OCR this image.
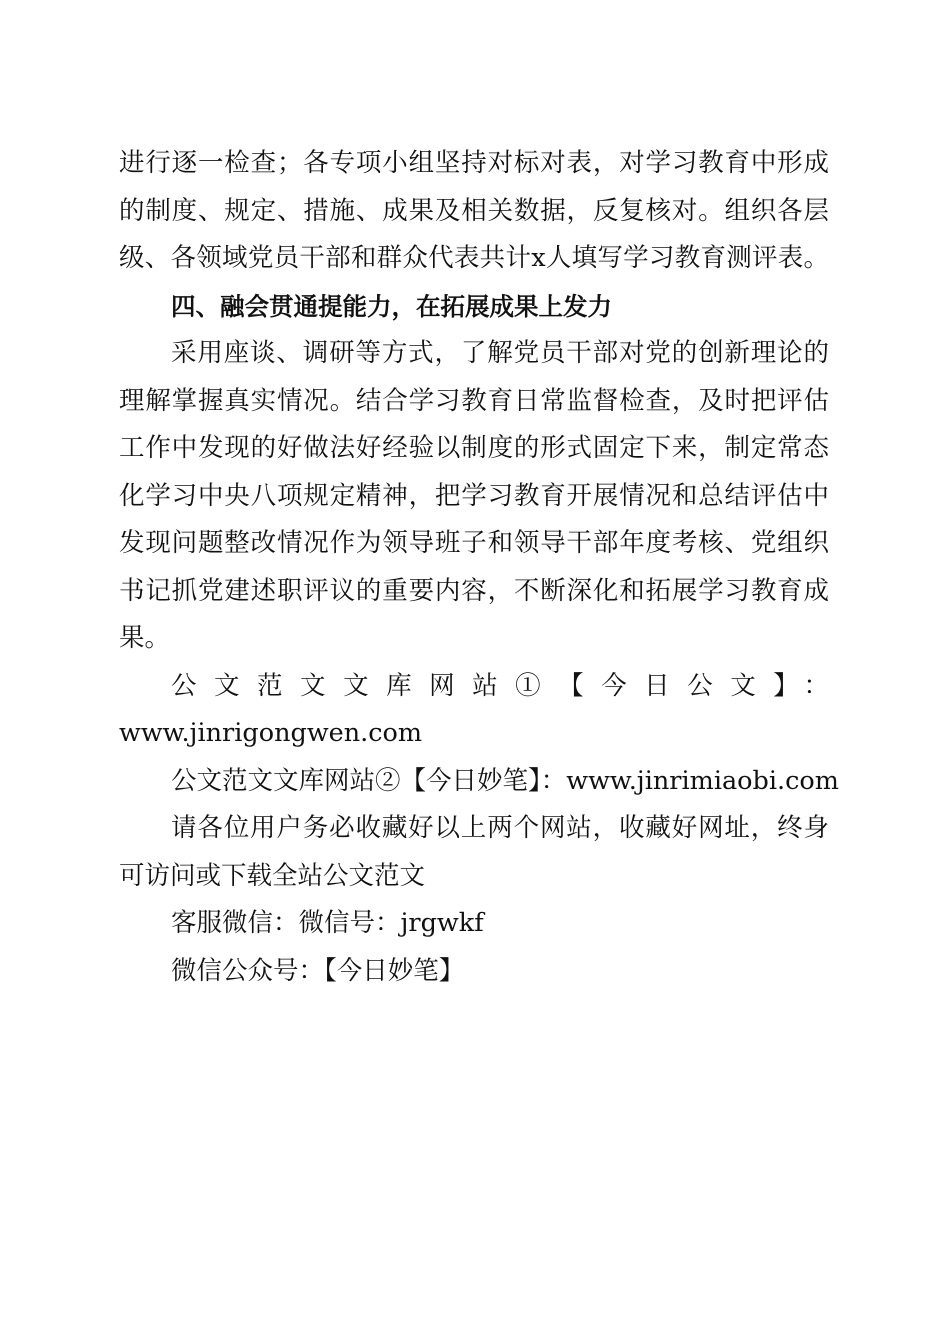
进行逐一检查；各专项小组坚持对标对表，对学习教育中形成
的制度、规定、措施、成果及相关数据，反复核对。组织各层
级、各领域党员干部和群众代表共计x人填写学习教育测评表。
四、融会贯通提能力，在拓展成果上发力
采用座谈、调研等方式，了解党员干部对党的创新理论的
理解掌握真实情况。结合学习教育日常监督检查，及时把评估
工作中发现的好做法好经验以制度的形式固定下来，制定常态
化学习中央八项规定精神，把学习教育开展情况和总结评估中
发现问题整改情况作为领导班子和领导干部年度考核、党组织
书记抓党建述职评议的重要内容，不断深化和拓展学习教育成
果。
公文范文文库网站①【今日公文】：
www.jinrigongwen.com
公文范文文库网站②【今日妙笔】：www.jinrimiaobi.com
请各位用户务必收藏好以上两个网站，收藏好网址，终身
可访问或下载全站公文范文
客服微信：微信号：jrgwkf
微信公众号：【今日妙笔】
